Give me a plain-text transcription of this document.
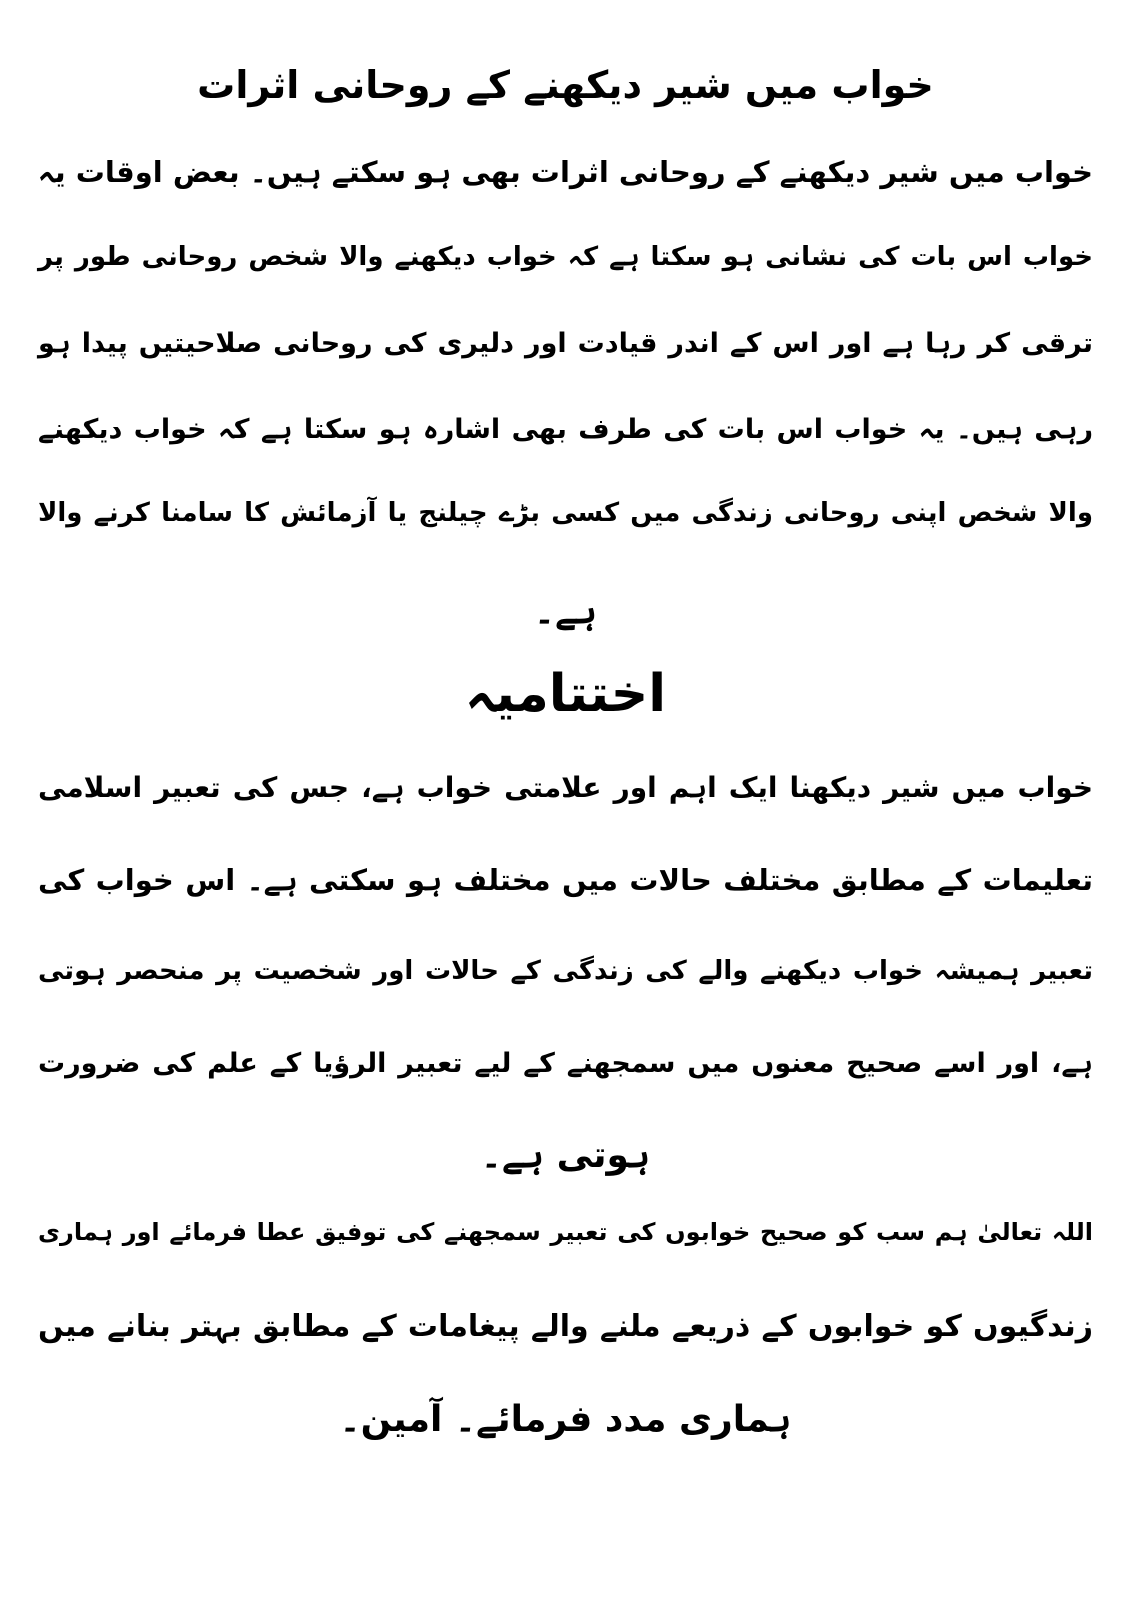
خواب میں شیر دیکھنے کے روحانی اثرات
خواب میں شیر دیکھنے کے روحانی اثرات بھی ہو سکتے ہیں۔ بعض اوقات یہ
خواب اس بات کی نشانی ہو سکتا ہے کہ خواب دیکھنے والا شخص روحانی طور پر
ترقی کر رہا ہے اور اس کے اندر قیادت اور دلیری کی روحانی صلاحیتیں پیدا ہو
رہی ہیں۔ یہ خواب اس بات کی طرف بھی اشارہ ہو سکتا ہے کہ خواب دیکھنے
والا شخص اپنی روحانی زندگی میں کسی بڑے چیلنج یا آزمائش کا سامنا کرنے والا
ہے۔
اختتامیہ
خواب میں شیر دیکھنا ایک اہم اور علامتی خواب ہے، جس کی تعبیر اسلامی
تعلیمات کے مطابق مختلف حالات میں مختلف ہو سکتی ہے۔ اس خواب کی
تعبیر ہمیشہ خواب دیکھنے والے کی زندگی کے حالات اور شخصیت پر منحصر ہوتی
ہے، اور اسے صحیح معنوں میں سمجھنے کے لیے تعبیر الرؤیا کے علم کی ضرورت
ہوتی ہے۔
اللہ تعالیٰ ہم سب کو صحیح خوابوں کی تعبیر سمجھنے کی توفیق عطا فرمائے اور ہماری
زندگیوں کو خوابوں کے ذریعے ملنے والے پیغامات کے مطابق بہتر بنانے میں
ہماری مدد فرمائے۔ آمین۔
